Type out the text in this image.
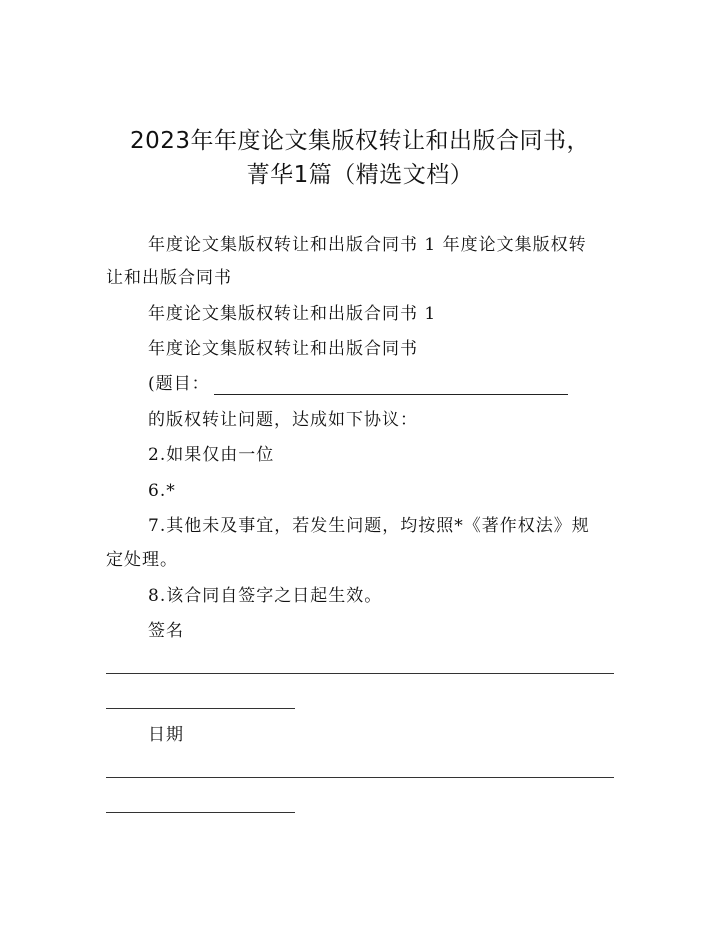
2023年年度论文集版权转让和出版合同书，
菁华1篇（精选文档）
年度论文集版权转让和出版合同书 1 年度论文集版权转
让和出版合同书
年度论文集版权转让和出版合同书 1
年度论文集版权转让和出版合同书
(题目：
的版权转让问题，达成如下协议：
2.如果仅由一位
6.*
7.其他未及事宜，若发生问题，均按照*《著作权法》规
定处理。
8.该合同自签字之日起生效。
签名
日期
